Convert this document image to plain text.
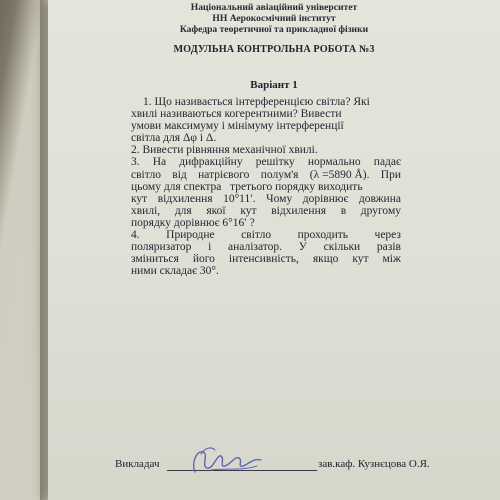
Національний авіаційний університет
НН Аерокосмічний інститут
Кафедра теоретичної та прикладної фізики
МОДУЛЬНА КОНТРОЛЬНА РОБОТА №3
Варіант 1
1. Що називається інтерференцією світла? Які
хвилі називаються когерентними? Вивести
умови максимуму і мінімуму інтерференції
світла для Δφ і Δ.
2. Вивести рівняння механічної хвилі.
3. На дифракційну решітку нормально падає
світло від натрієвого полум'я (λ =5890 Å). При
цьому для спектра   третього порядку виходить
кут відхилення 10°11′. Чому дорівнює довжина
хвилі, для якої кут відхилення в другому
порядку дорівнює 6°16′ ?
4. Природне світло проходить через
поляризатор і аналізатор. У скільки разів
зміниться його інтенсивність, якщо кут між
ними складає 30°.
Викладач	зав.каф. Кузнєцова О.Я.
